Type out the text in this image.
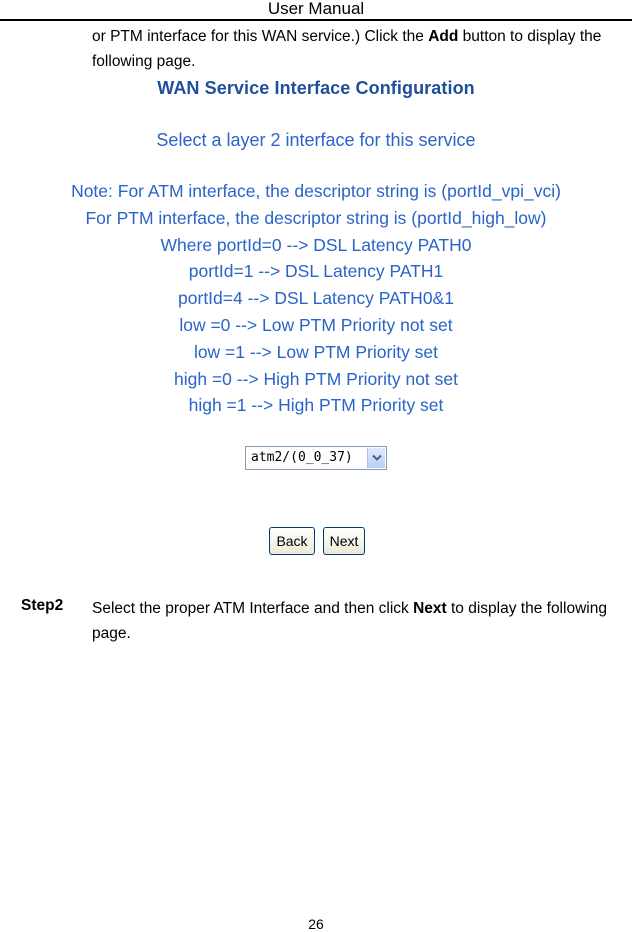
User Manual
or PTM interface for this WAN service.) Click the Add button to display the following page.
WAN Service Interface Configuration
Select a layer 2 interface for this service
Note: For ATM interface, the descriptor string is (portId_vpi_vci)
For PTM interface, the descriptor string is (portId_high_low)
Where portId=0 --> DSL Latency PATH0
portId=1 --> DSL Latency PATH1
portId=4 --> DSL Latency PATH0&1
low =0 --> Low PTM Priority not set
low =1 --> Low PTM Priority set
high =0 --> High PTM Priority not set
high =1 --> High PTM Priority set
atm2/(0_0_37)
Back	Next
Step2 Select the proper ATM Interface and then click Next to display the following page.
26
